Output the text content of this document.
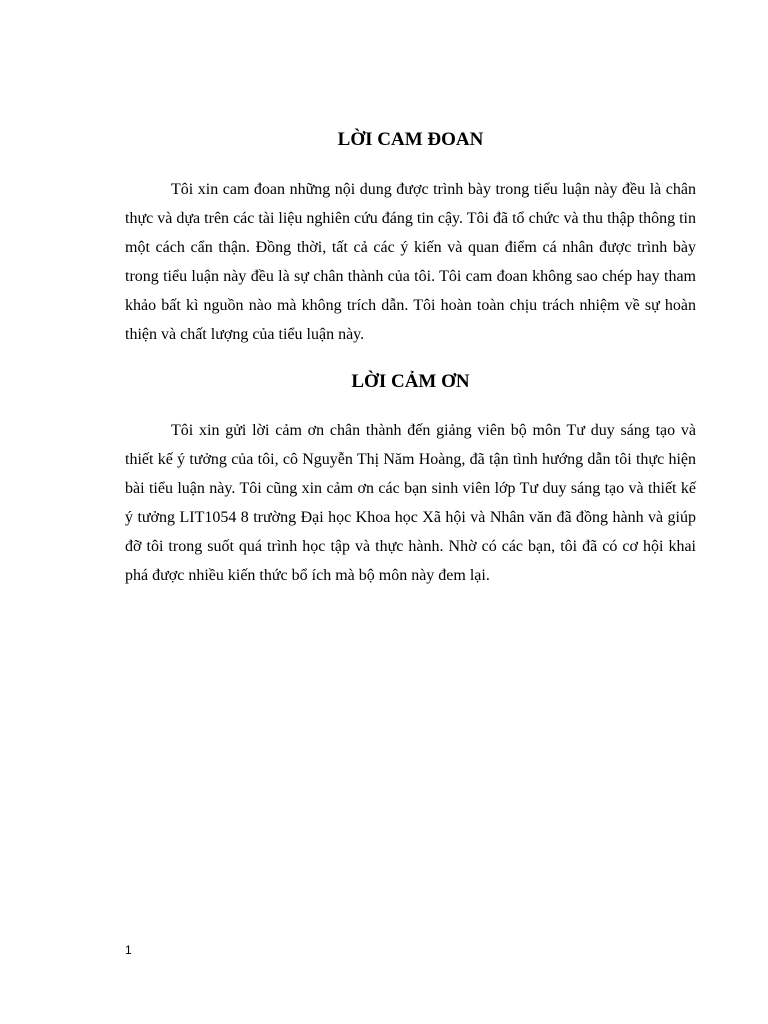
LỜI CAM ĐOAN

Tôi xin cam đoan những nội dung được trình bày trong tiểu luận này đều là chân thực và dựa trên các tài liệu nghiên cứu đáng tin cậy. Tôi đã tổ chức và thu thập thông tin một cách cẩn thận. Đồng thời, tất cả các ý kiến và quan điểm cá nhân được trình bày trong tiểu luận này đều là sự chân thành của tôi. Tôi cam đoan không sao chép hay tham khảo bất kì nguồn nào mà không trích dẫn. Tôi hoàn toàn chịu trách nhiệm về sự hoàn thiện và chất lượng của tiểu luận này.

LỜI CẢM ƠN

Tôi xin gửi lời cảm ơn chân thành đến giảng viên bộ môn Tư duy sáng tạo và thiết kế ý tưởng của tôi, cô Nguyễn Thị Năm Hoàng, đã tận tình hướng dẫn tôi thực hiện bài tiểu luận này. Tôi cũng xin cảm ơn các bạn sinh viên lớp Tư duy sáng tạo và thiết kế ý tưởng LIT1054 8 trường Đại học Khoa học Xã hội và Nhân văn đã đồng hành và giúp đỡ tôi trong suốt quá trình học tập và thực hành. Nhờ có các bạn, tôi đã có cơ hội khai phá được nhiều kiến thức bổ ích mà bộ môn này đem lại.

1
